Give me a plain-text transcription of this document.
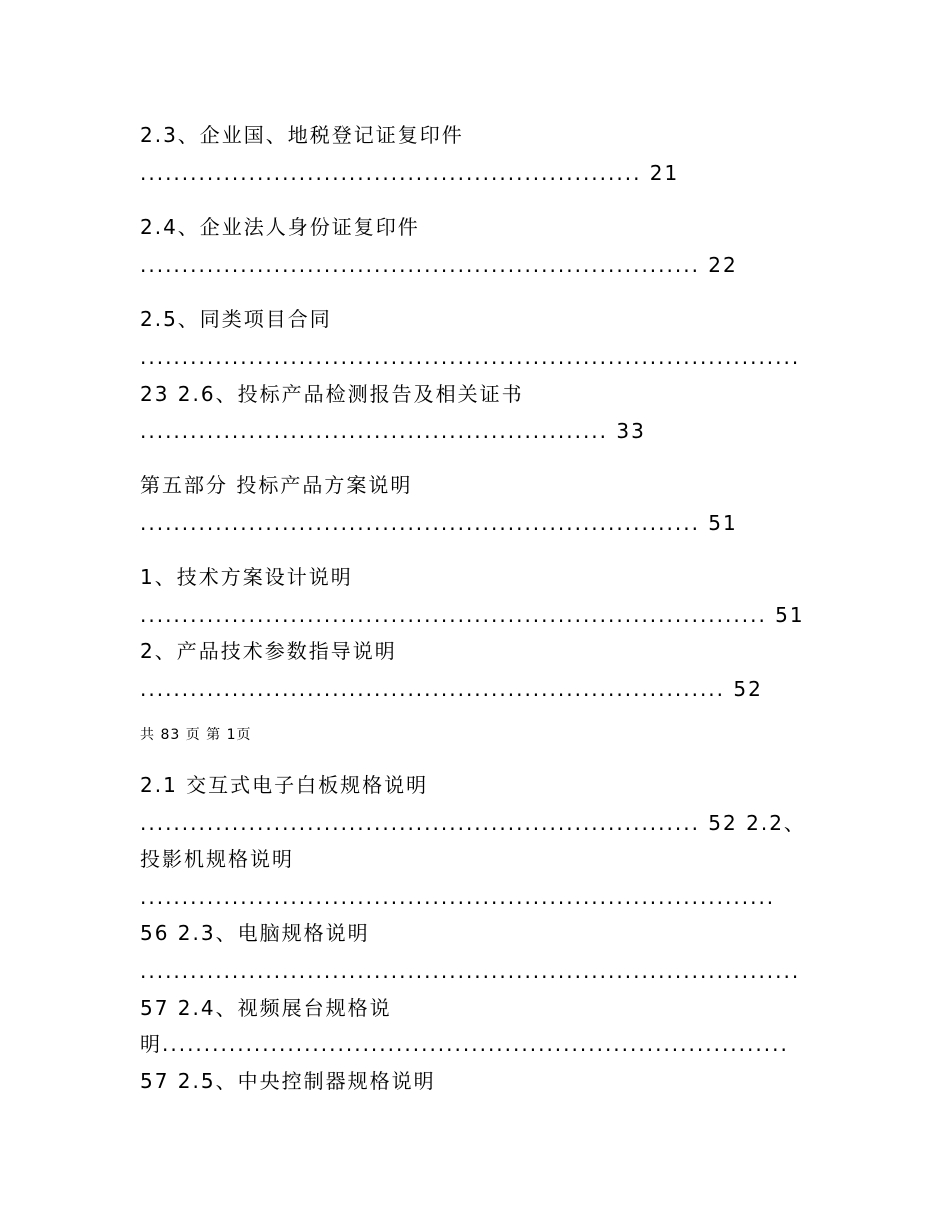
2.3、企业国、地税登记证复印件
............................................................ 21
2.4、企业法人身份证复印件
................................................................... 22
2.5、同类项目合同
...............................................................................
23 2.6、投标产品检测报告及相关证书
........................................................ 33
第五部分 投标产品方案说明
................................................................... 51
1、技术方案设计说明
........................................................................... 51
2、产品技术参数指导说明
...................................................................... 52
共 83 页 第 1页
2.1 交互式电子白板规格说明
................................................................... 52 2.2、
投影机规格说明
............................................................................
56 2.3、电脑规格说明
...............................................................................
57 2.4、视频展台规格说
明...........................................................................
57 2.5、中央控制器规格说明
